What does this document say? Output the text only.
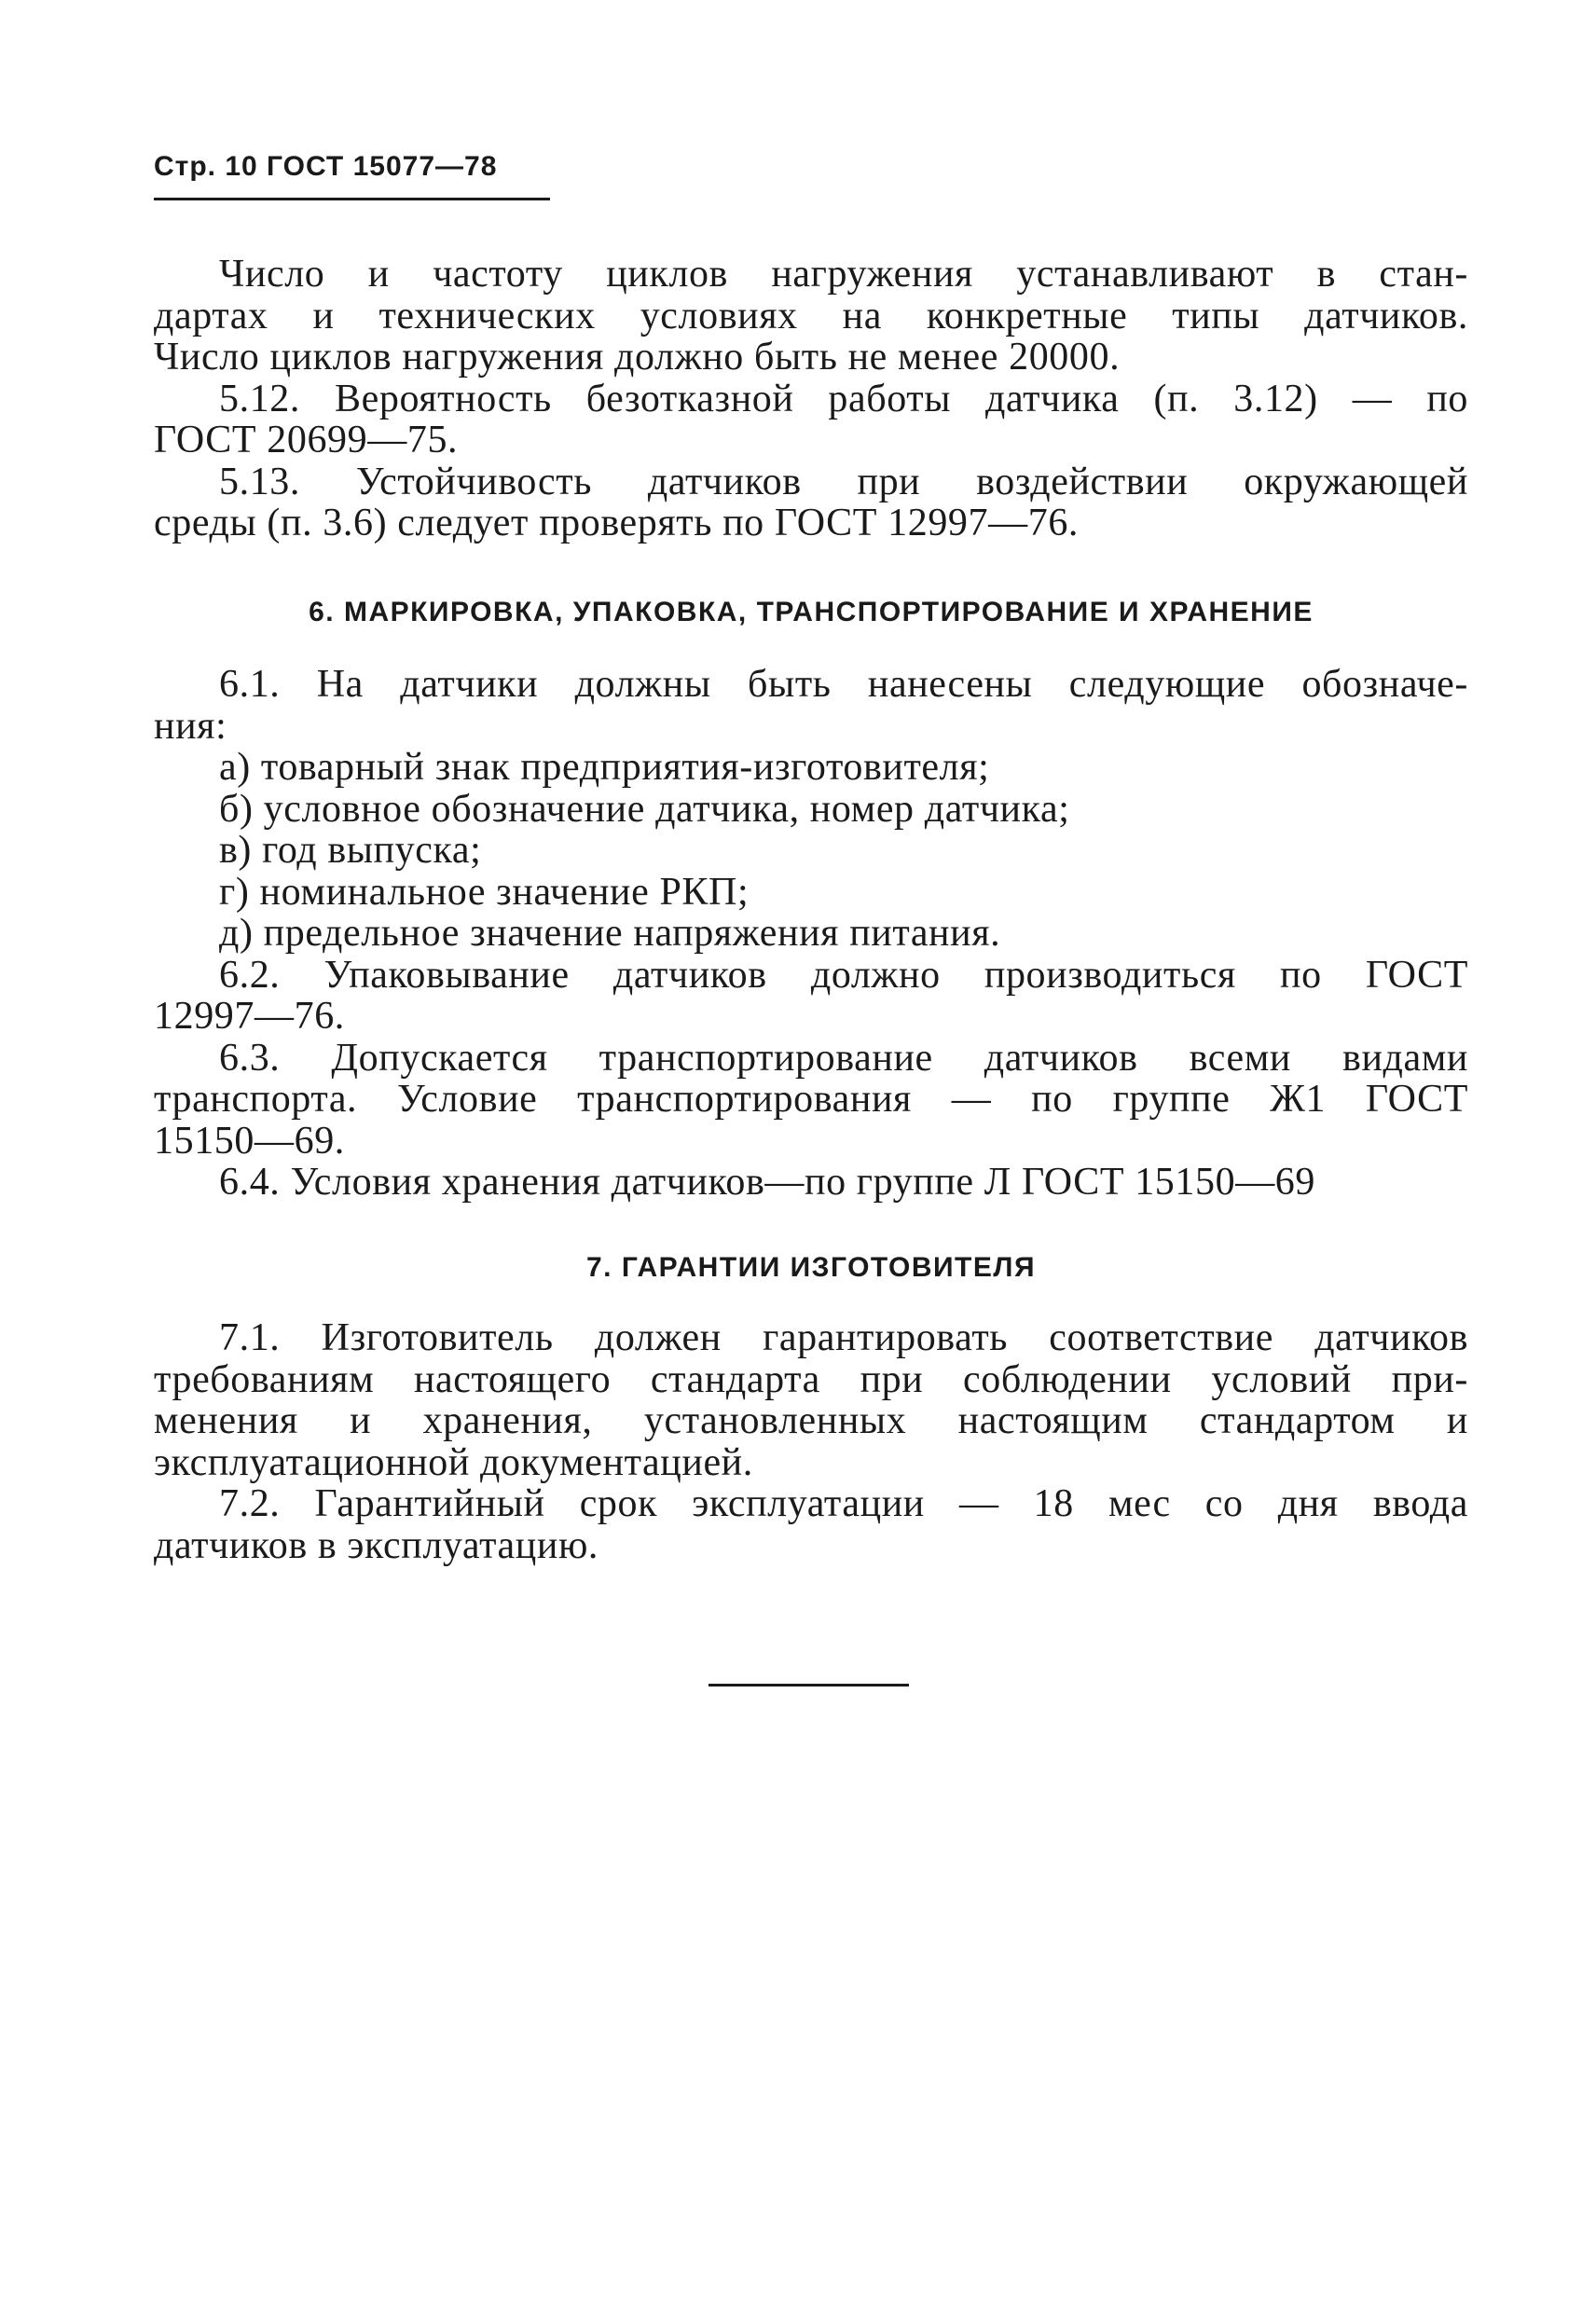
Стр. 10 ГОСТ 15077—78
Число и частоту циклов нагружения устанавливают в стан-
дартах и технических условиях на конкретные типы датчиков.
Число циклов нагружения должно быть не менее 20000.
5.12. Вероятность безотказной работы датчика (п. 3.12) — по
ГОСТ 20699—75.
5.13. Устойчивость датчиков при воздействии окружающей
среды (п. 3.6) следует проверять по ГОСТ 12997—76.
6. МАРКИРОВКА, УПАКОВКА, ТРАНСПОРТИРОВАНИЕ И ХРАНЕНИЕ
6.1. На датчики должны быть нанесены следующие обозначе-
ния:
а) товарный знак предприятия-изготовителя;
б) условное обозначение датчика, номер датчика;
в) год выпуска;
г) номинальное значение РКП;
д) предельное значение напряжения питания.
6.2. Упаковывание датчиков должно производиться по ГОСТ
12997—76.
6.3. Допускается транспортирование датчиков всеми видами
транспорта. Условие транспортирования — по группе Ж1 ГОСТ
15150—69.
6.4. Условия хранения датчиков—по группе Л ГОСТ 15150—69
7. ГАРАНТИИ ИЗГОТОВИТЕЛЯ
7.1. Изготовитель должен гарантировать соответствие датчиков
требованиям настоящего стандарта при соблюдении условий при-
менения и хранения, установленных настоящим стандартом и
эксплуатационной документацией.
7.2. Гарантийный срок эксплуатации — 18 мес со дня ввода
датчиков в эксплуатацию.
